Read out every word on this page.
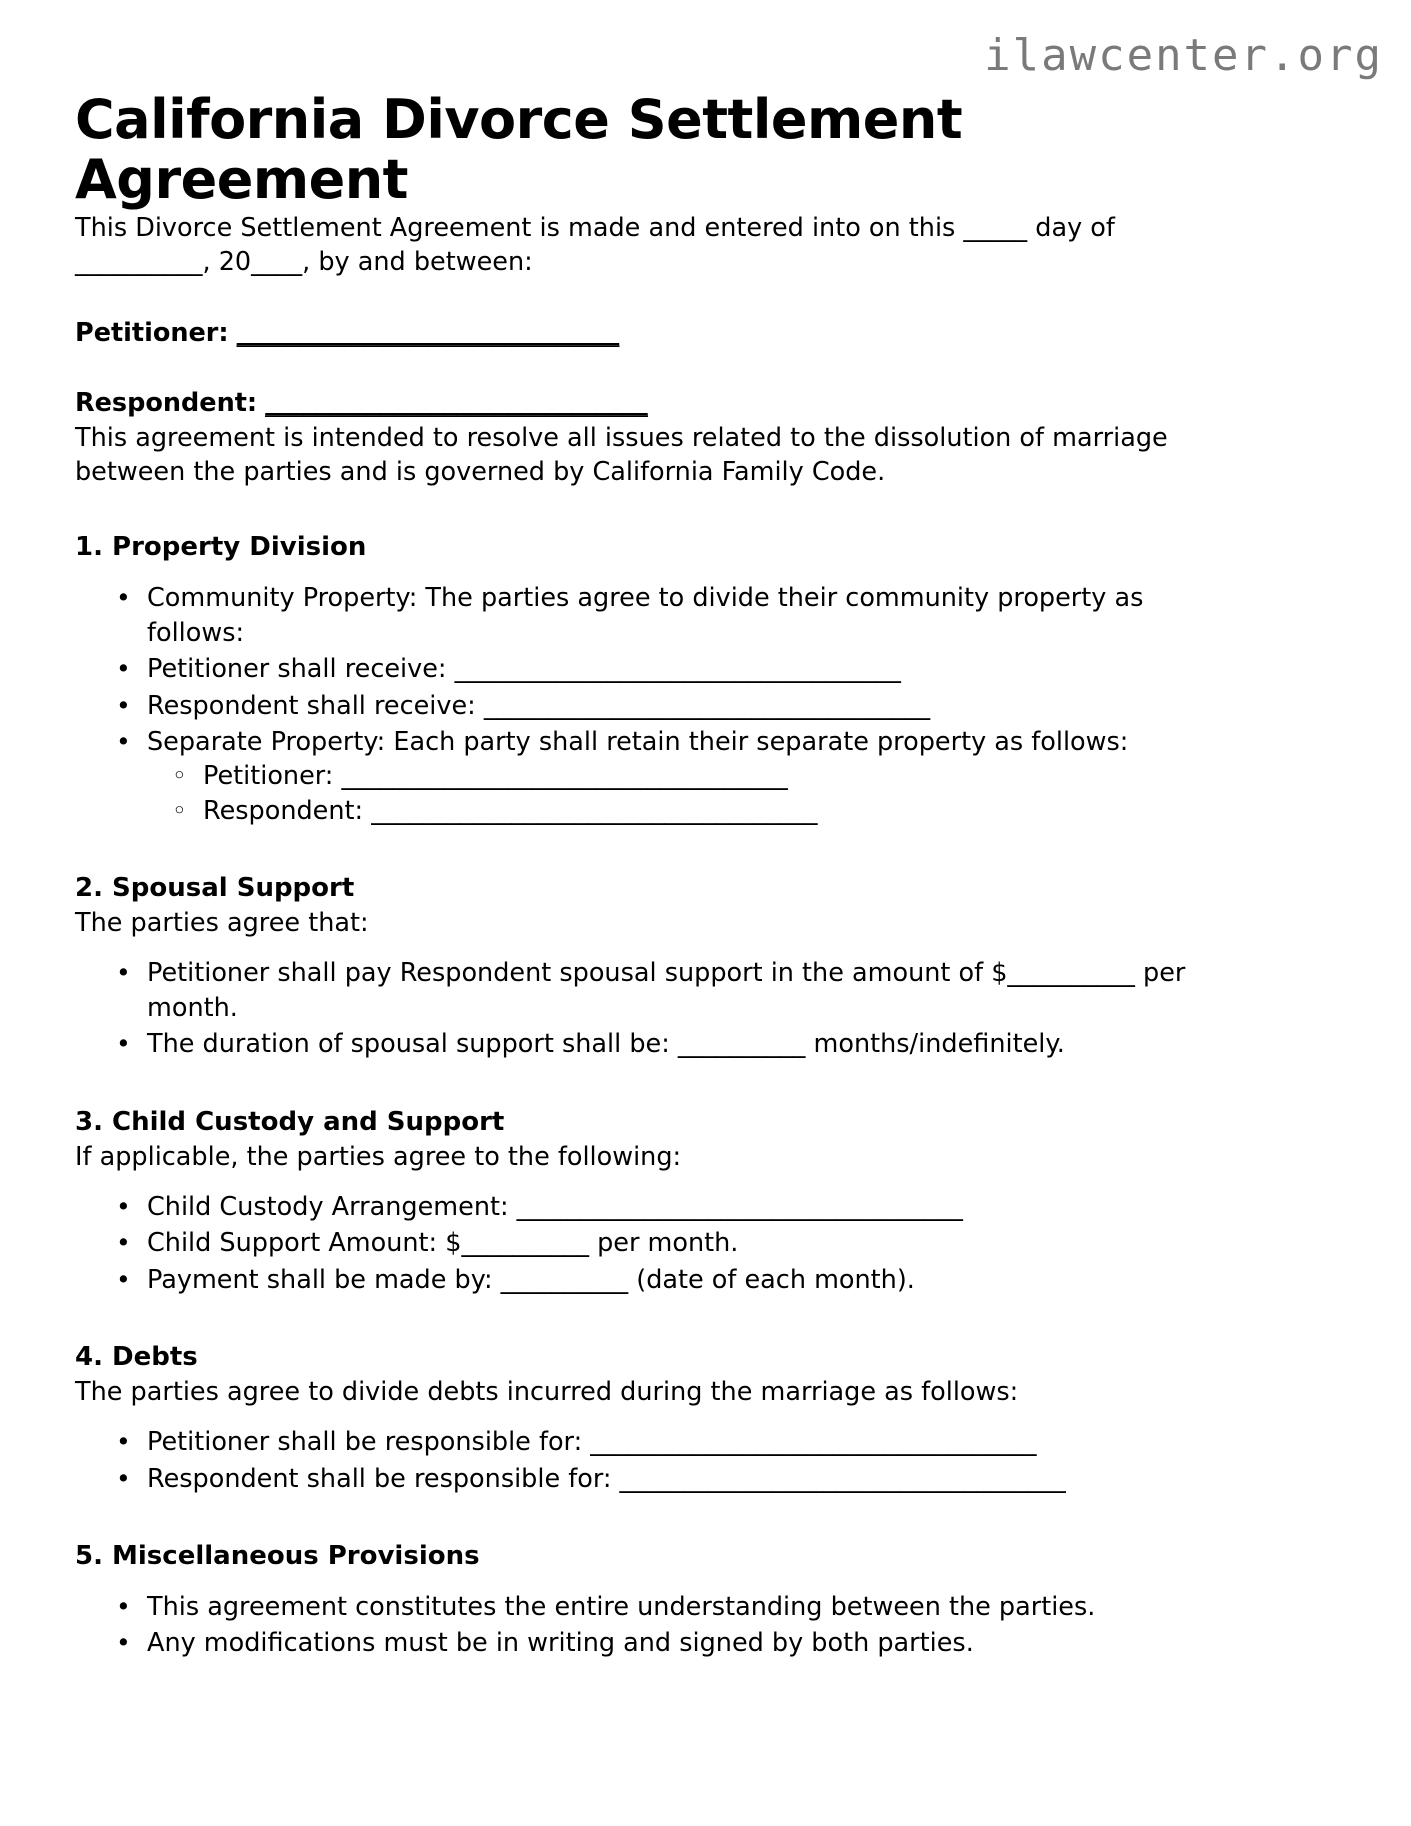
ilawcenter.org
California Divorce Settlement Agreement

This Divorce Settlement Agreement is made and entered into on this _____ day of __________, 20____, by and between:

Petitioner: ______________________________
Respondent: ______________________________

This agreement is intended to resolve all issues related to the dissolution of marriage between the parties and is governed by California Family Code.

1. Property Division
• Community Property: The parties agree to divide their community property as follows:
• Petitioner shall receive: ___________________________________
• Respondent shall receive: ___________________________________
• Separate Property: Each party shall retain their separate property as follows:
◦ Petitioner: ___________________________________
◦ Respondent: ___________________________________
2. Spousal Support

The parties agree that:

• Petitioner shall pay Respondent spousal support in the amount of $__________ per month.
• The duration of spousal support shall be: __________ months/indefinitely.
3. Child Custody and Support

If applicable, the parties agree to the following:

• Child Custody Arrangement: ___________________________________
• Child Support Amount: $__________ per month.
• Payment shall be made by: __________ (date of each month).
4. Debts

The parties agree to divide debts incurred during the marriage as follows:

• Petitioner shall be responsible for: ___________________________________
• Respondent shall be responsible for: ___________________________________
5. Miscellaneous Provisions
• This agreement constitutes the entire understanding between the parties.
• Any modifications must be in writing and signed by both parties.
